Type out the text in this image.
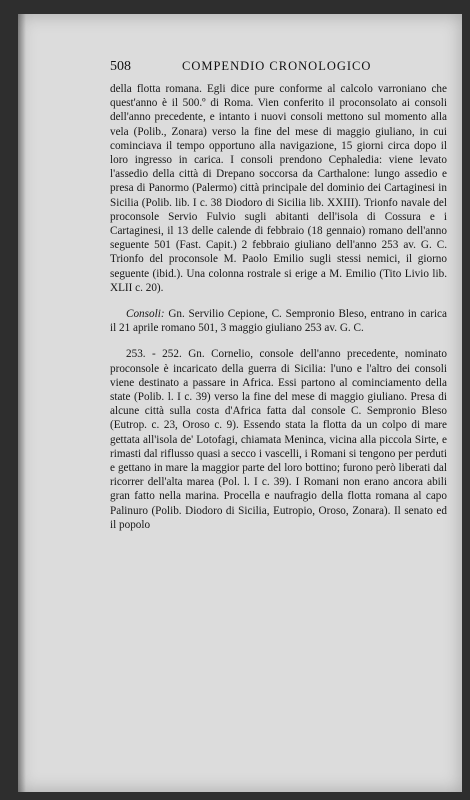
508	COMPENDIO CRONOLOGICO

della flotta romana. Egli dice pure conforme al calcolo varroniano che quest'anno è il 500.º di Roma. Vien conferito il proconsolato ai consoli dell'anno precedente, e intanto i nuovi consoli mettono sul momento alla vela (Polib., Zonara) verso la fine del mese di maggio giuliano, in cui cominciava il tempo opportuno alla navigazione, 15 giorni circa dopo il loro ingresso in carica. I consoli prendono Cephaledia: viene levato l'assedio della città di Drepano soccorsa da Carthalone: lungo assedio e presa di Panormo (Palermo) città principale del dominio dei Cartaginesi in Sicilia (Polib. lib. I c. 38 Diodoro di Sicilia lib. XXIII). Trionfo navale del proconsole Servio Fulvio sugli abitanti dell'isola di Cossura e i Cartaginesi, il 13 delle calende di febbraio (18 gennaio) romano dell'anno seguente 501 (Fast. Capit.) 2 febbraio giuliano dell'anno 253 av. G. C. Trionfo del proconsole M. Paolo Emilio sugli stessi nemici, il giorno seguente (ibid.). Una colonna rostrale si erige a M. Emilio (Tito Livio lib. XLII c. 20).

Consoli: Gn. Servilio Cepione, C. Sempronio Bleso, entrano in carica il 21 aprile romano 501, 3 maggio giuliano 253 av. G. C.

253. - 252. Gn. Cornelio, console dell'anno precedente, nominato proconsole è incaricato della guerra di Sicilia: l'uno e l'altro dei consoli viene destinato a passare in Africa. Essi partono al cominciamento della state (Polib. l. I c. 39) verso la fine del mese di maggio giuliano. Presa di alcune città sulla costa d'Africa fatta dal console C. Sempronio Bleso (Eutrop. c. 23, Oroso c. 9). Essendo stata la flotta da un colpo di mare gettata all'isola de' Lotofagi, chiamata Meninca, vicina alla piccola Sirte, e rimasti dal riflusso quasi a secco i vascelli, i Romani si tengono per perduti e gettano in mare la maggior parte del loro bottino; furono però liberati dal ricorrer dell'alta marea (Pol. l. I c. 39). I Romani non erano ancora abili gran fatto nella marina. Procella e naufragio della flotta romana al capo Palinuro (Polib. Diodoro di Sicilia, Eutropio, Oroso, Zonara). Il senato ed il popolo
